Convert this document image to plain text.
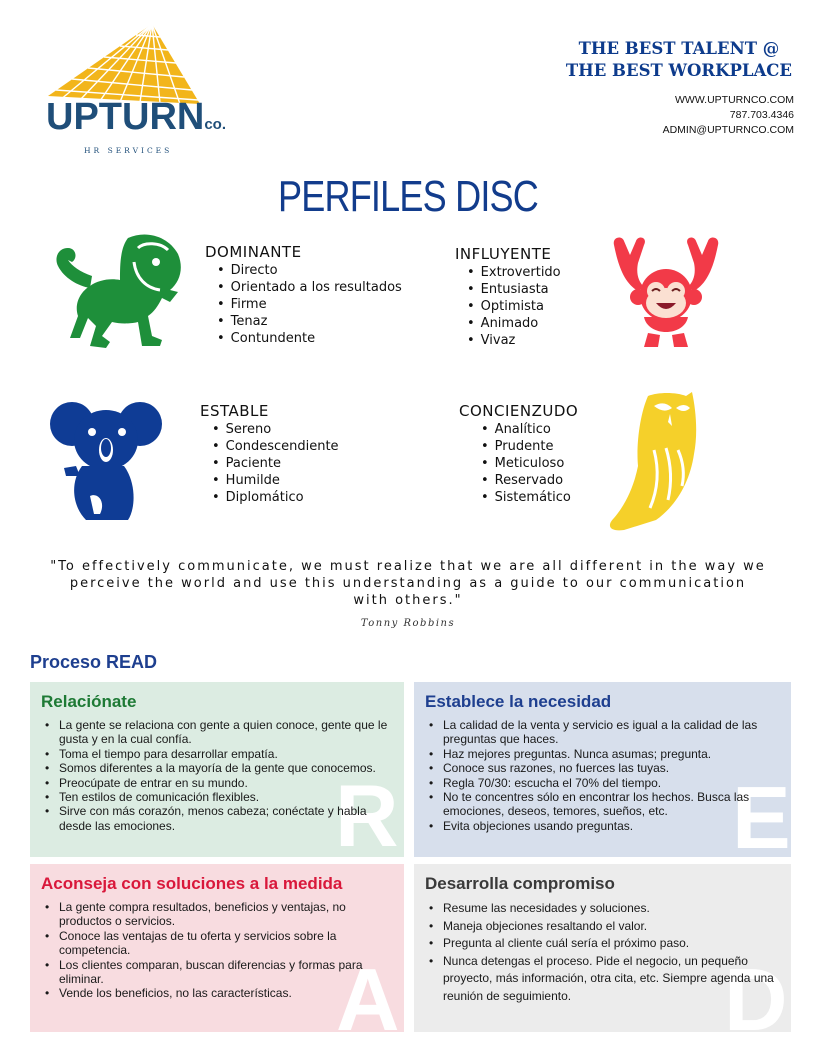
UPTURNco.
HR SERVICES
THE BEST TALENT @
THE BEST WORKPLACE
WWW.UPTURNCO.COM
787.703.4346
ADMIN@UPTURNCO.COM
PERFILES DISC
DOMINANTE
• Directo
• Orientado a los resultados
• Firme
• Tenaz
• Contundente
INFLUYENTE
• Extrovertido
• Entusiasta
• Optimista
• Animado
• Vivaz
ESTABLE
• Sereno
• Condescendiente
• Paciente
• Humilde
• Diplomático
CONCIENZUDO
• Analítico
• Prudente
• Meticuloso
• Reservado
• Sistemático
"To effectively communicate, we must realize that we are all different in the way we perceive the world and use this understanding as a guide to our communication with others."
Tonny Robbins
Proceso READ
Relaciónate
R
• La gente se relaciona con gente a quien conoce, gente que le gusta y en la cual confía.
• Toma el tiempo para desarrollar empatía.
• Somos diferentes a la mayoría de la gente que conocemos.
• Preocúpate de entrar en su mundo.
• Ten estilos de comunicación flexibles.
• Sirve con más corazón, menos cabeza; conéctate y habla desde las emociones.
Establece la necesidad
E
• La calidad de la venta y servicio es igual a la calidad de las preguntas que haces.
• Haz mejores preguntas. Nunca asumas; pregunta.
• Conoce sus razones, no fuerces las tuyas.
• Regla 70/30: escucha el 70% del tiempo.
• No te concentres sólo en encontrar los hechos. Busca las emociones, deseos, temores, sueños, etc.
• Evita objeciones usando preguntas.
Aconseja con soluciones a la medida
A
• La gente compra resultados, beneficios y ventajas, no productos o servicios.
• Conoce las ventajas de tu oferta y servicios sobre la competencia.
• Los clientes comparan, buscan diferencias y formas para eliminar.
• Vende los beneficios, no las características.
Desarrolla compromiso
D
• Resume las necesidades y soluciones.
• Maneja objeciones resaltando el valor.
• Pregunta al cliente cuál sería el próximo paso.
• Nunca detengas el proceso. Pide el negocio, un pequeño proyecto, más información, otra cita, etc. Siempre agenda una reunión de seguimiento.
